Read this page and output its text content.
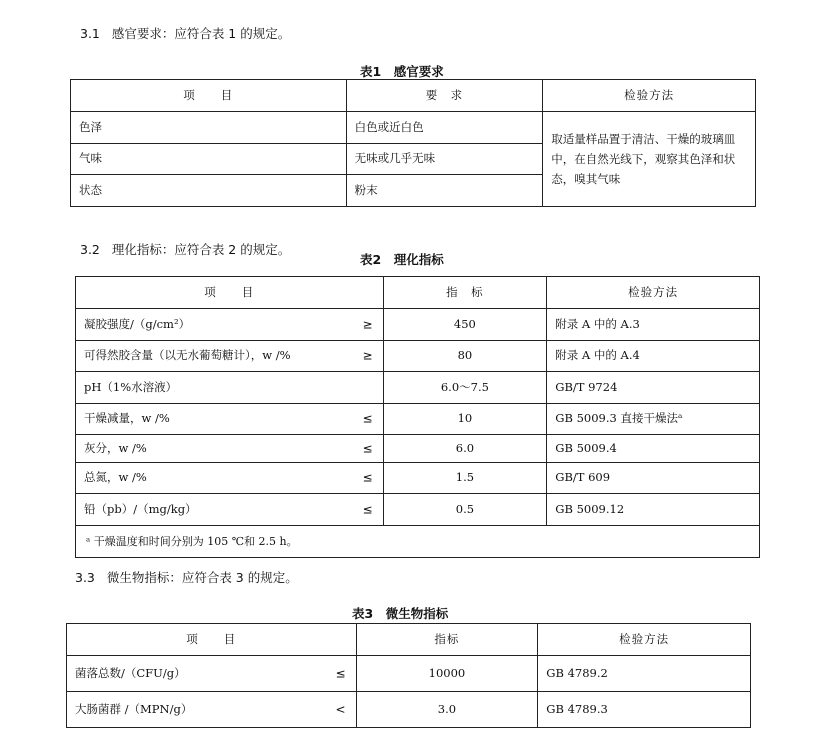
3.1 感官要求：应符合表 1 的规定。
表1　感官要求
项　　目	要　求	检验方法
色泽	白色或近白色	取适量样品置于清洁、干燥的玻璃皿中，在自然光线下，观察其色泽和状态，嗅其气味
气味	无味或几乎无味	
状态	粉末	
3.2 理化指标：应符合表 2 的规定。
表2　理化指标
项　　目	指　标	检验方法
凝胶强度/（g/cm²） ≥	450	附录 A 中的 A.3
可得然胶含量（以无水葡萄糖计），w /% ≥	80	附录 A 中的 A.4
pH（1%水溶液）	6.0～7.5	GB/T 9724
干燥减量，w /% ≤	10	GB 5009.3 直接干燥法ᵃ
灰分，w /% ≤	6.0	GB 5009.4
总氮，w /% ≤	1.5	GB/T 609
铅（pb）/（mg/kg） ≤	0.5	GB 5009.12
ᵃ 干燥温度和时间分别为 105 ℃和 2.5 h。		
3.3 微生物指标：应符合表 3 的规定。
表3　微生物指标
项　　目	指标	检验方法
菌落总数/（CFU/g） ≤	10000	GB 4789.2
大肠菌群 /（MPN/g） <	3.0	GB 4789.3
